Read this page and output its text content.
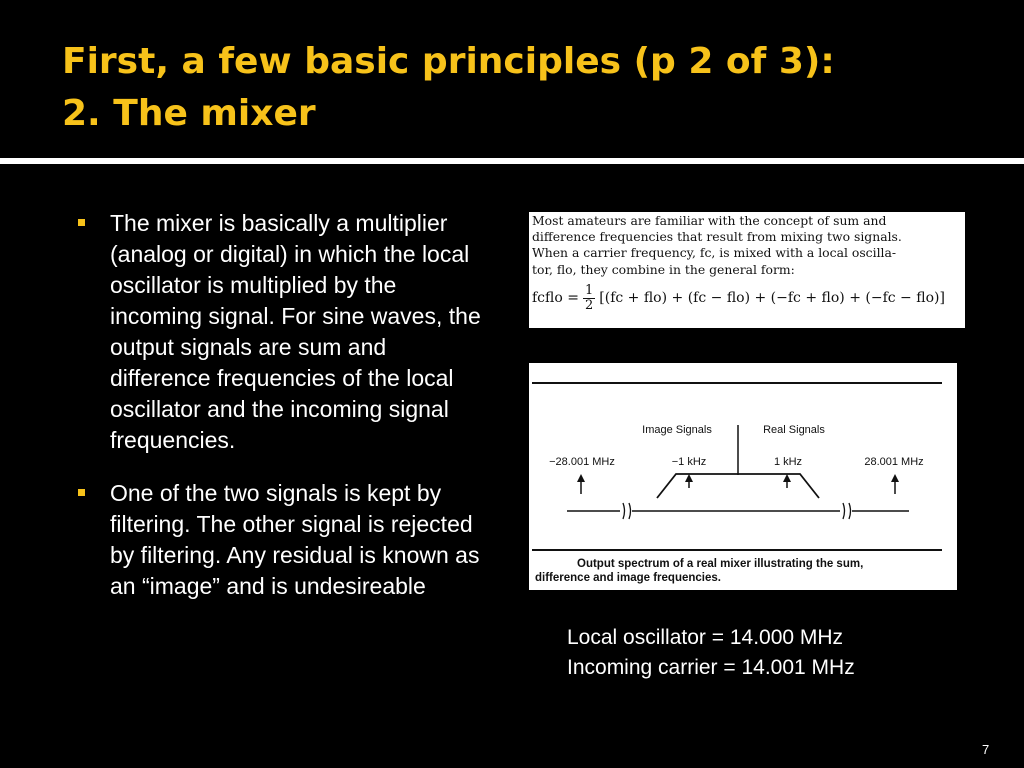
First, a few basic principles (p 2 of 3):
2. The mixer
The mixer is basically a multiplier (analog or digital) in which the local oscillator is multiplied by the incoming signal. For sine waves, the output signals are sum and difference frequencies of the local oscillator and the incoming signal frequencies.
One of the two signals is kept by filtering. The other signal is rejected by filtering. Any residual is known as an “image” and is undesireable
Most amateurs are familiar with the concept of sum and
difference frequencies that result from mixing two signals.
When a carrier frequency, fc, is mixed with a local oscilla-
tor, flo, they combine in the general form:
fcflo = $\frac{1}{2} [(fc + flo) + (fc - flo) + (-fc + flo) + (-fc - flo)]$
Image Signals	Real Signals
−28.001 MHz	−1 kHz	1 kHz	28.001 MHz
Output spectrum of a real mixer illustrating the sum,
difference and image frequencies.
Local oscillator = 14.000 MHz
Incoming carrier = 14.001 MHz
7
